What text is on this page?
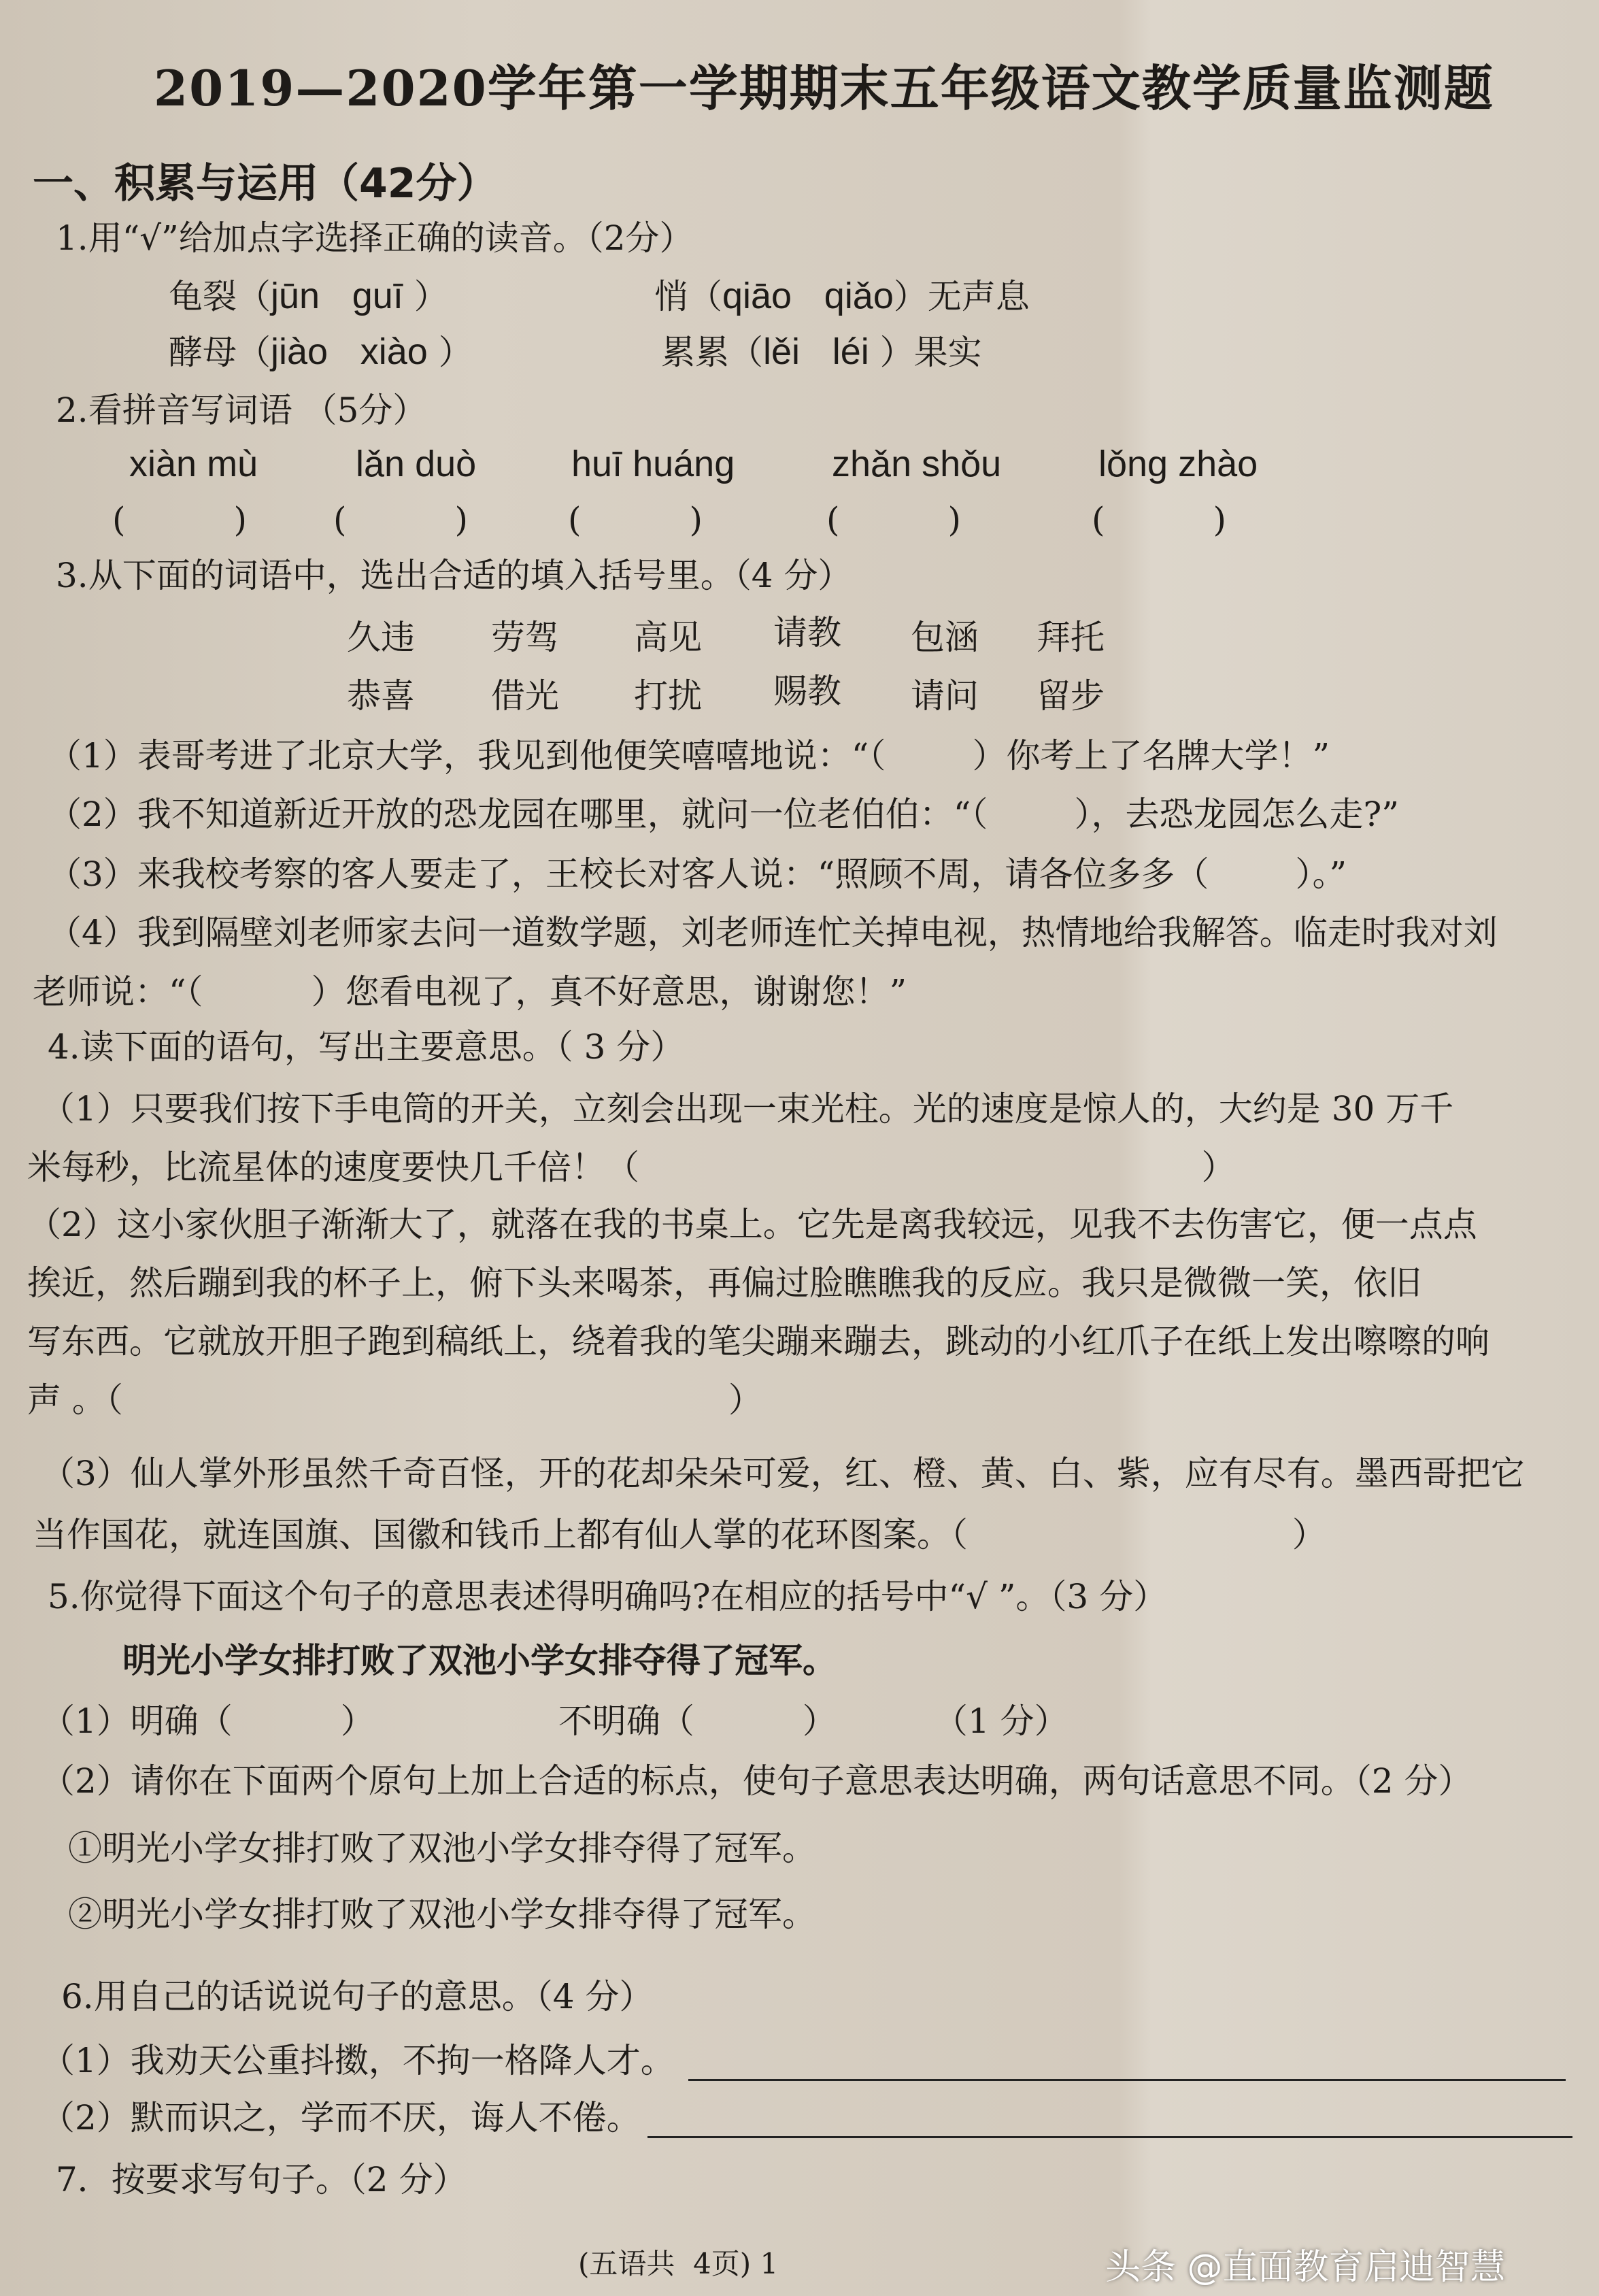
2019—2020学年第一学期期末五年级语文教学质量监测题
一、积累与运用（42分）
1.用“√”给加点字选择正确的读音。（2分）
龟裂（jūn guī ）	悄（qiāo qiǎo）无声息
酵母（jiào xiào ）	累累（lěi léi ）果实
2.看拼音写词语 （5分）
xiàn mù	lǎn duò	huī huáng	zhǎn shǒu	lǒng zhào
(          )	(          )	(          )	(          )	(          )
3.从下面的词语中，选出合适的填入括号里。（4 分）
久违 劳驾 高见 请教 包涵 拜托
恭喜 借光 打扰 赐教 请问 留步
（1）表哥考进了北京大学，我见到他便笑嘻嘻地说：“（        ）你考上了名牌大学！”
（2）我不知道新近开放的恐龙园在哪里，就问一位老伯伯：“（        ），去恐龙园怎么走?”
（3）来我校考察的客人要走了，王校长对客人说：“照顾不周，请各位多多（        ）。”
（4）我到隔壁刘老师家去问一道数学题，刘老师连忙关掉电视，热情地给我解答。临走时我对刘
老师说：“（          ）您看电视了，真不好意思，谢谢您！”
4.读下面的语句，写出主要意思。（ 3 分）
（1）只要我们按下手电筒的开关，立刻会出现一束光柱。光的速度是惊人的，大约是 30 万千
米每秒，比流星体的速度要快几千倍！（                                                    ）
（2）这小家伙胆子渐渐大了，就落在我的书桌上。它先是离我较远，见我不去伤害它，便一点点
挨近，然后蹦到我的杯子上，俯下头来喝茶，再偏过脸瞧瞧我的反应。我只是微微一笑，依旧
写东西。它就放开胆子跑到稿纸上，绕着我的笔尖蹦来蹦去，跳动的小红爪子在纸上发出嚓嚓的响
声 。（                                                        ）
（3）仙人掌外形虽然千奇百怪，开的花却朵朵可爱，红、橙、黄、白、紫，应有尽有。墨西哥把它
当作国花，就连国旗、国徽和钱币上都有仙人掌的花环图案。（                              ）
5.你觉得下面这个句子的意思表述得明确吗?在相应的括号中“√ ”。（3 分）
明光小学女排打败了双池小学女排夺得了冠军。
（1）明确（          ）                 不明确（          ）         （1 分）
（2）请你在下面两个原句上加上合适的标点，使句子意思表达明确，两句话意思不同。（2 分）
①明光小学女排打败了双池小学女排夺得了冠军。
②明光小学女排打败了双池小学女排夺得了冠军。
6.用自己的话说说句子的意思。（4 分）
（1）我劝天公重抖擞，不拘一格降人才。
（2）默而识之，学而不厌，诲人不倦。
7．按要求写句子。（2 分）
(五语共  4页) 1	头条 @直面教育启迪智慧
